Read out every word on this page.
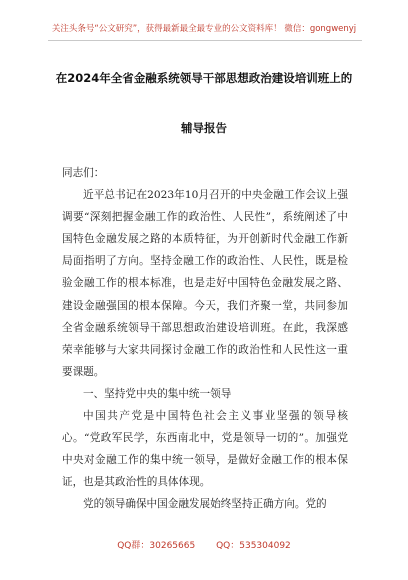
关注头条号“公文研究”，获得最新最全最专业的公文资料库！ 微信：gongwenyj
在2024年全省金融系统领导干部思想政治建设培训班上的
辅导报告

同志们：

近平总书记在2023年10月召开的中央金融工作会议上强调要“深刻把握金融工作的政治性、人民性”，系统阐述了中国特色金融发展之路的本质特征，为开创新时代金融工作新局面指明了方向。坚持金融工作的政治性、人民性，既是检验金融工作的根本标准，也是走好中国特色金融发展之路、建设金融强国的根本保障。今天，我们齐聚一堂，共同参加全省金融系统领导干部思想政治建设培训班。在此，我深感荣幸能够与大家共同探讨金融工作的政治性和人民性这一重要课题。

一、坚持党中央的集中统一领导

中国共产党是中国特色社会主义事业坚强的领导核心。“党政军民学，东西南北中，党是领导一切的”。加强党中央对金融工作的集中统一领导，是做好金融工作的根本保证，也是其政治性的具体体现。

党的领导确保中国金融发展始终坚持正确方向。党的

QQ群：30265665 QQ：535304092
